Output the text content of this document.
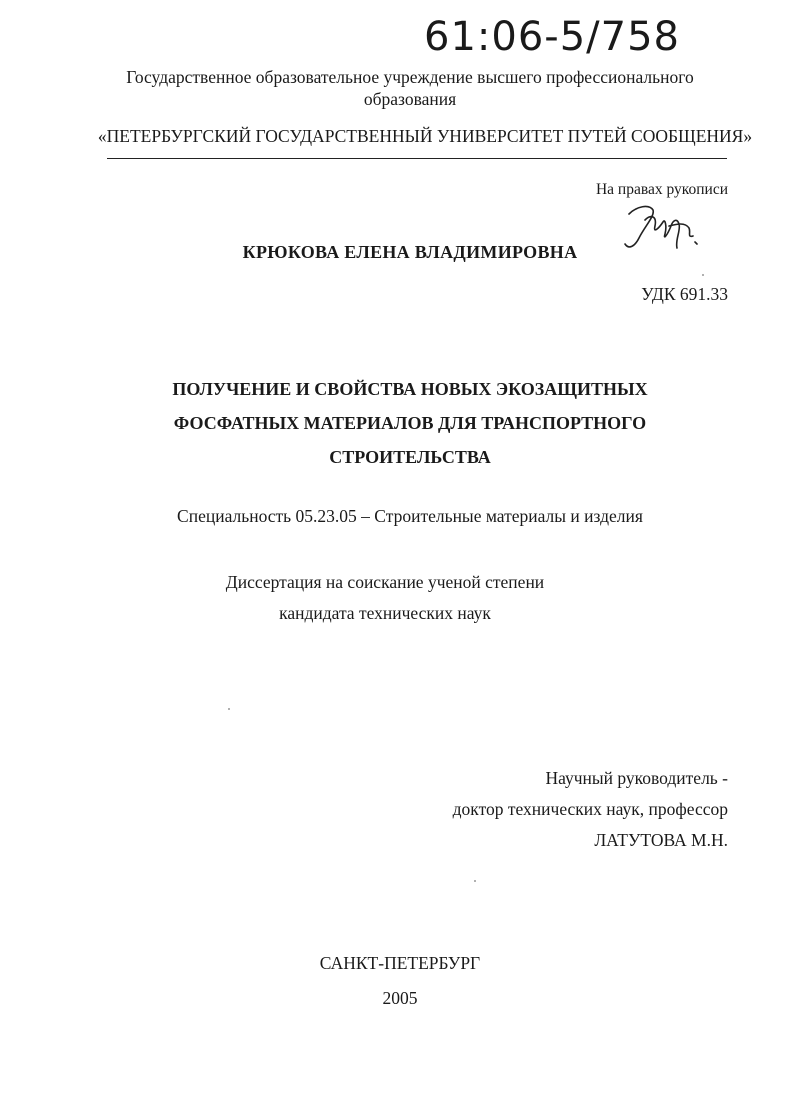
61:06-5/758
Государственное образовательное учреждение высшего профессионального
образования
«ПЕТЕРБУРГСКИЙ ГОСУДАРСТВЕННЫЙ УНИВЕРСИТЕТ ПУТЕЙ СООБЩЕНИЯ»
На правах рукописи
КРЮКОВА ЕЛЕНА ВЛАДИМИРОВНА
УДК 691.33
ПОЛУЧЕНИЕ И СВОЙСТВА НОВЫХ ЭКОЗАЩИТНЫХ
ФОСФАТНЫХ МАТЕРИАЛОВ ДЛЯ ТРАНСПОРТНОГО
СТРОИТЕЛЬСТВА
Специальность 05.23.05 – Строительные материалы и изделия
Диссертация на соискание ученой степени
кандидата технических наук
Научный руководитель -
доктор технических наук, профессор
ЛАТУТОВА М.Н.
САНКТ-ПЕТЕРБУРГ
2005
